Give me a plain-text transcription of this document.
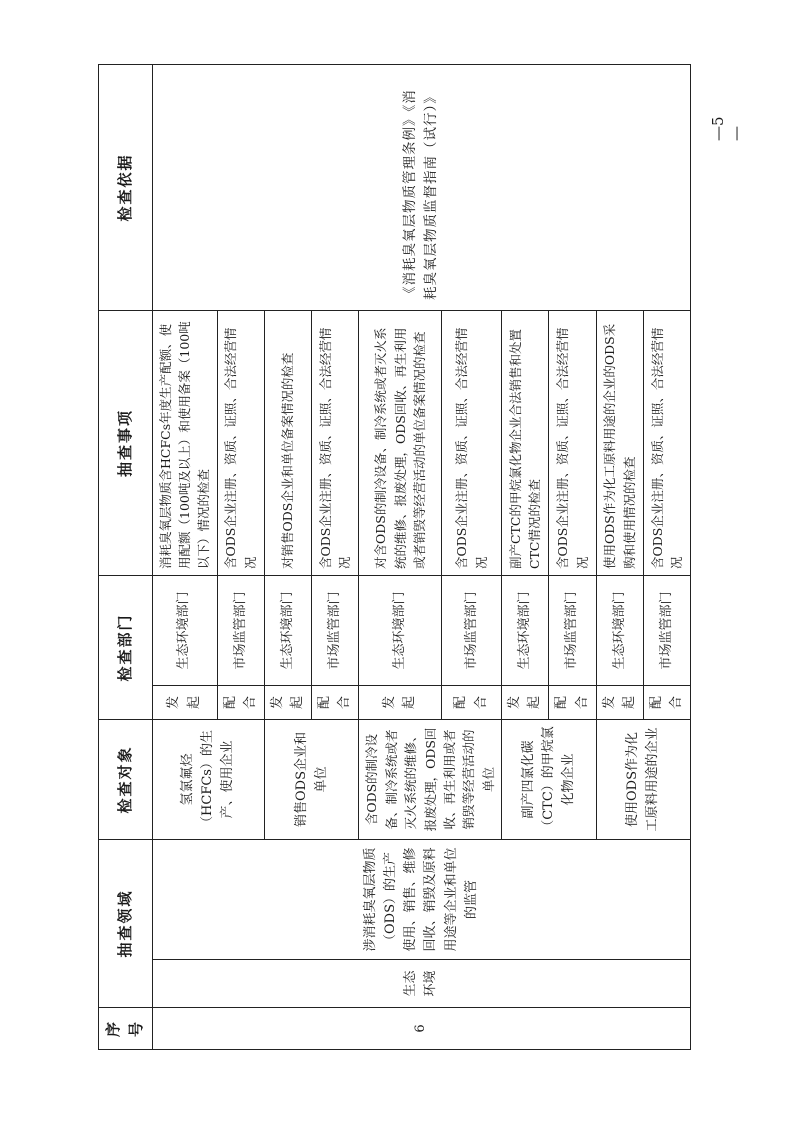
—5—
序号	抽查领域		检查对象	检查部门		抽查事项	检查依据
6	生态环境	涉消耗臭氧层物质（ODS）的生产使用、销售、维修回收、销毁及原料用途等企业和单位的监管	氢氯氟烃（HCFCs）的生产、使用企业	发起	生态环境部门	消耗臭氧层物质含HCFCs年度生产配额、使用配额（100吨及以上）和使用备案（100吨以下）情况的检查	《消耗臭氧层物质管理条例》《消耗臭氧层物质监督指南（试行）》
				配合	市场监管部门	含ODS企业注册、资质、证照、合法经营情况	
			销售ODS企业和单位	发起	生态环境部门	对销售ODS企业和单位备案情况的检查	
				配合	市场监管部门	含ODS企业注册、资质、证照、合法经营情况	
			含ODS的制冷设备、制冷系统或者灭火系统的维修、报废处理，ODS回收、再生利用或者销毁等经营活动的单位	发起	生态环境部门	对含ODS的制冷设备、制冷系统或者灭火系统的维修、报废处理，ODS回收、再生利用或者销毁等经营活动的单位备案情况的检查	
				配合	市场监管部门	含ODS企业注册、资质、证照、合法经营情况	
			副产四氯化碳（CTC）的甲烷氯化物企业	发起	生态环境部门	副产CTC的甲烷氯化物企业合法销售和处置CTC情况的检查	
				配合	市场监管部门	含ODS企业注册、资质、证照、合法经营情况	
			使用ODS作为化工原料用途的企业	发起	生态环境部门	使用ODS作为化工原料用途的企业的ODS采购和使用情况的检查	
				配合	市场监管部门	含ODS企业注册、资质、证照、合法经营情况	
